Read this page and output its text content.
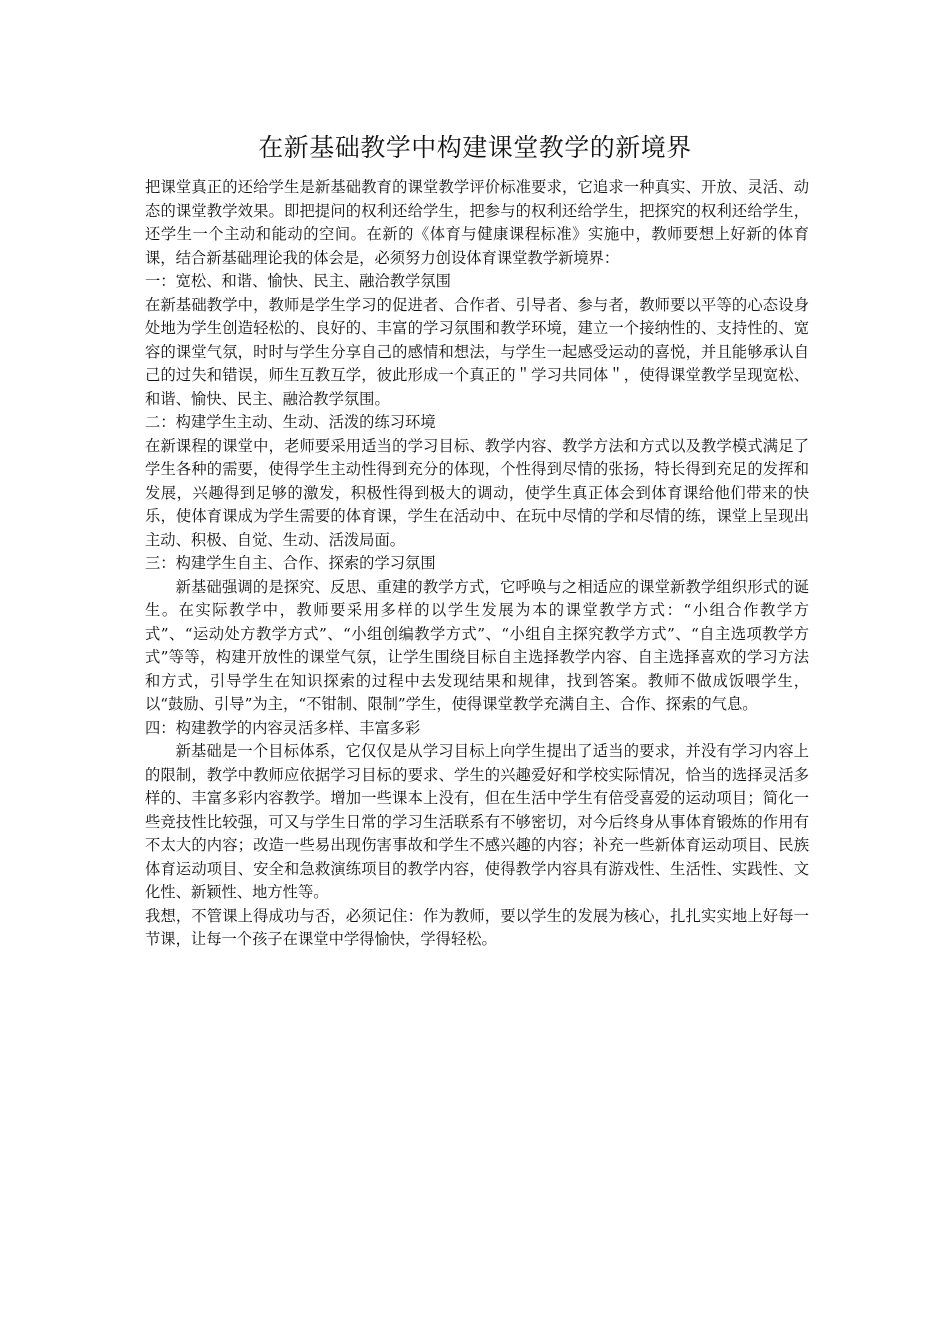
在新基础教学中构建课堂教学的新境界

把课堂真正的还给学生是新基础教育的课堂教学评价标准要求，它追求一种真实、开放、灵活、动态的课堂教学效果。即把提问的权利还给学生，把参与的权利还给学生，把探究的权利还给学生，还学生一个主动和能动的空间。在新的《体育与健康课程标准》实施中，教师要想上好新的体育课，结合新基础理论我的体会是，必须努力创设体育课堂教学新境界：

一：宽松、和谐、愉快、民主、融洽教学氛围

在新基础教学中，教师是学生学习的促进者、合作者、引导者、参与者，教师要以平等的心态设身处地为学生创造轻松的、良好的、丰富的学习氛围和教学环境，建立一个接纳性的、支持性的、宽容的课堂气氛，时时与学生分享自己的感情和想法，与学生一起感受运动的喜悦，并且能够承认自己的过失和错误，师生互教互学，彼此形成一个真正的＂学习共同体＂，使得课堂教学呈现宽松、和谐、愉快、民主、融洽教学氛围。

二：构建学生主动、生动、活泼的练习环境

在新课程的课堂中，老师要采用适当的学习目标、教学内容、教学方法和方式以及教学模式满足了学生各种的需要，使得学生主动性得到充分的体现，个性得到尽情的张扬，特长得到充足的发挥和发展，兴趣得到足够的激发，积极性得到极大的调动，使学生真正体会到体育课给他们带来的快乐，使体育课成为学生需要的体育课，学生在活动中、在玩中尽情的学和尽情的练，课堂上呈现出主动、积极、自觉、生动、活泼局面。

三：构建学生自主、合作、探索的学习氛围

新基础强调的是探究、反思、重建的教学方式，它呼唤与之相适应的课堂新教学组织形式的诞生。在实际教学中，教师要采用多样的以学生发展为本的课堂教学方式：“小组合作教学方式”、“运动处方教学方式”、“小组创编教学方式”、“小组自主探究教学方式”、“自主选项教学方式”等等，构建开放性的课堂气氛，让学生围绕目标自主选择教学内容、自主选择喜欢的学习方法和方式，引导学生在知识探索的过程中去发现结果和规律，找到答案。教师不做成饭喂学生，以“鼓励、引导”为主，“不钳制、限制”学生，使得课堂教学充满自主、合作、探索的气息。

四：构建教学的内容灵活多样、丰富多彩

新基础是一个目标体系，它仅仅是从学习目标上向学生提出了适当的要求，并没有学习内容上的限制，教学中教师应依据学习目标的要求、学生的兴趣爱好和学校实际情况，恰当的选择灵活多样的、丰富多彩内容教学。增加一些课本上没有，但在生活中学生有倍受喜爱的运动项目；简化一些竞技性比较强，可又与学生日常的学习生活联系有不够密切，对今后终身从事体育锻炼的作用有不太大的内容；改造一些易出现伤害事故和学生不感兴趣的内容；补充一些新体育运动项目、民族体育运动项目、安全和急救演练项目的教学内容，使得教学内容具有游戏性、生活性、实践性、文化性、新颖性、地方性等。

我想，不管课上得成功与否，必须记住：作为教师，要以学生的发展为核心，扎扎实实地上好每一节课，让每一个孩子在课堂中学得愉快，学得轻松。
